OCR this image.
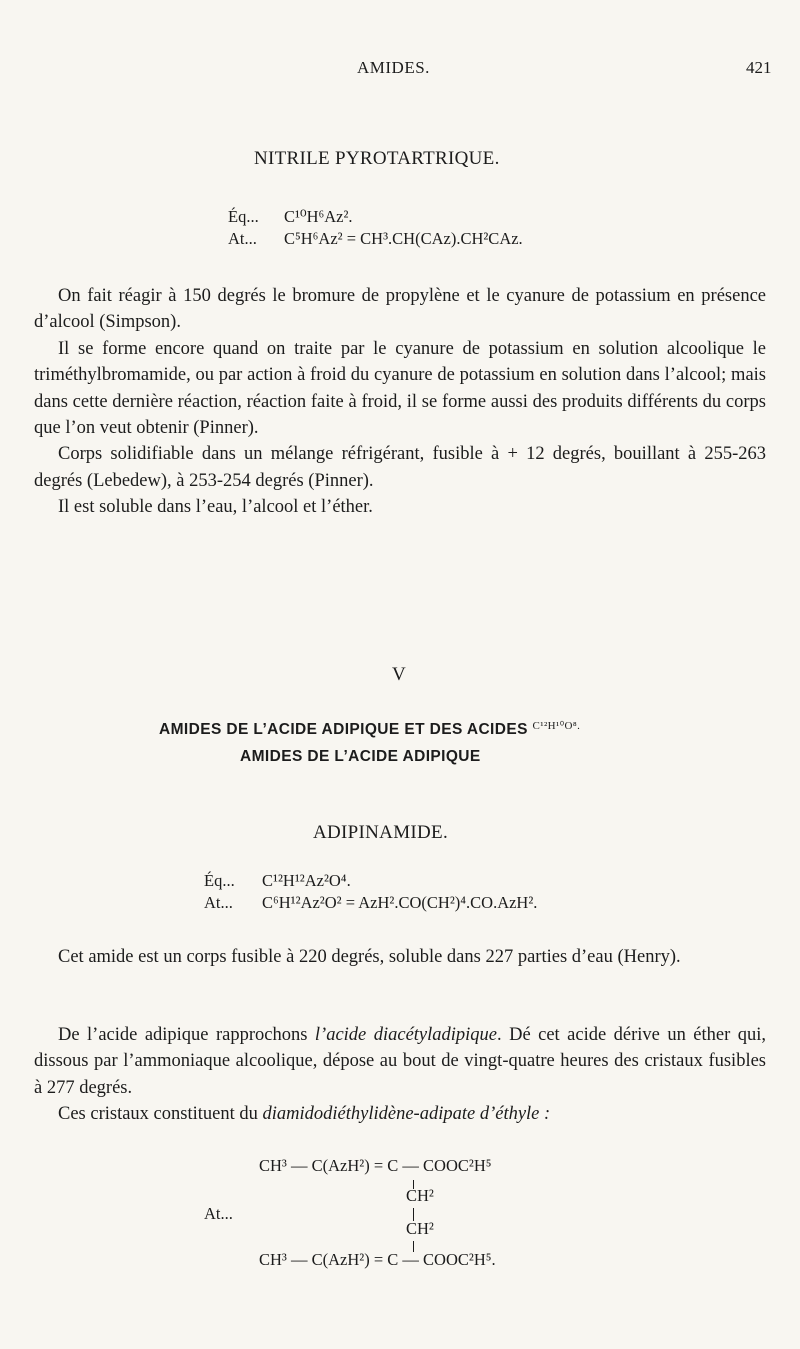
AMIDES.	421
NITRILE PYROTARTRIQUE.
Éq... C¹⁰H⁶Az².
At... C⁵H⁶Az² = CH³.CH(CAz).CH²CAz.

On fait réagir à 150 degrés le bromure de propylène et le cyanure de potassium en présence d’alcool (Simpson).

Il se forme encore quand on traite par le cyanure de potassium en solution alcoolique le triméthylbromamide, ou par action à froid du cyanure de potassium en solution dans l’alcool; mais dans cette dernière réaction, réaction faite à froid, il se forme aussi des produits différents du corps que l’on veut obtenir (Pinner).

Corps solidifiable dans un mélange réfrigérant, fusible à + 12 degrés, bouillant à 255-263 degrés (Lebedew), à 253-254 degrés (Pinner).

Il est soluble dans l’eau, l’alcool et l’éther.

V
AMIDES DE L’ACIDE ADIPIQUE ET DES ACIDES $^{C^{12}H^{10}O^8.}$
AMIDES DE L’ACIDE ADIPIQUE
ADIPINAMIDE.
Éq... C¹²H¹²Az²O⁴.
At... C⁶H¹²Az²O² = AzH².CO(CH²)⁴.CO.AzH².

Cet amide est un corps fusible à 220 degrés, soluble dans 227 parties d’eau (Henry).

De l’acide adipique rapprochons l’acide diacétyladipique. Dé cet acide dérive un éther qui, dissous par l’ammoniaque alcoolique, dépose au bout de vingt-quatre heures des cristaux fusibles à 277 degrés.

Ces cristaux constituent du diamidodiéthylidène-adipate d’éthyle :

CH³ — C(AzH²) = C — COOC²H⁵
CH²
At...
CH²
CH³ — C(AzH²) = C — COOC²H⁵.
